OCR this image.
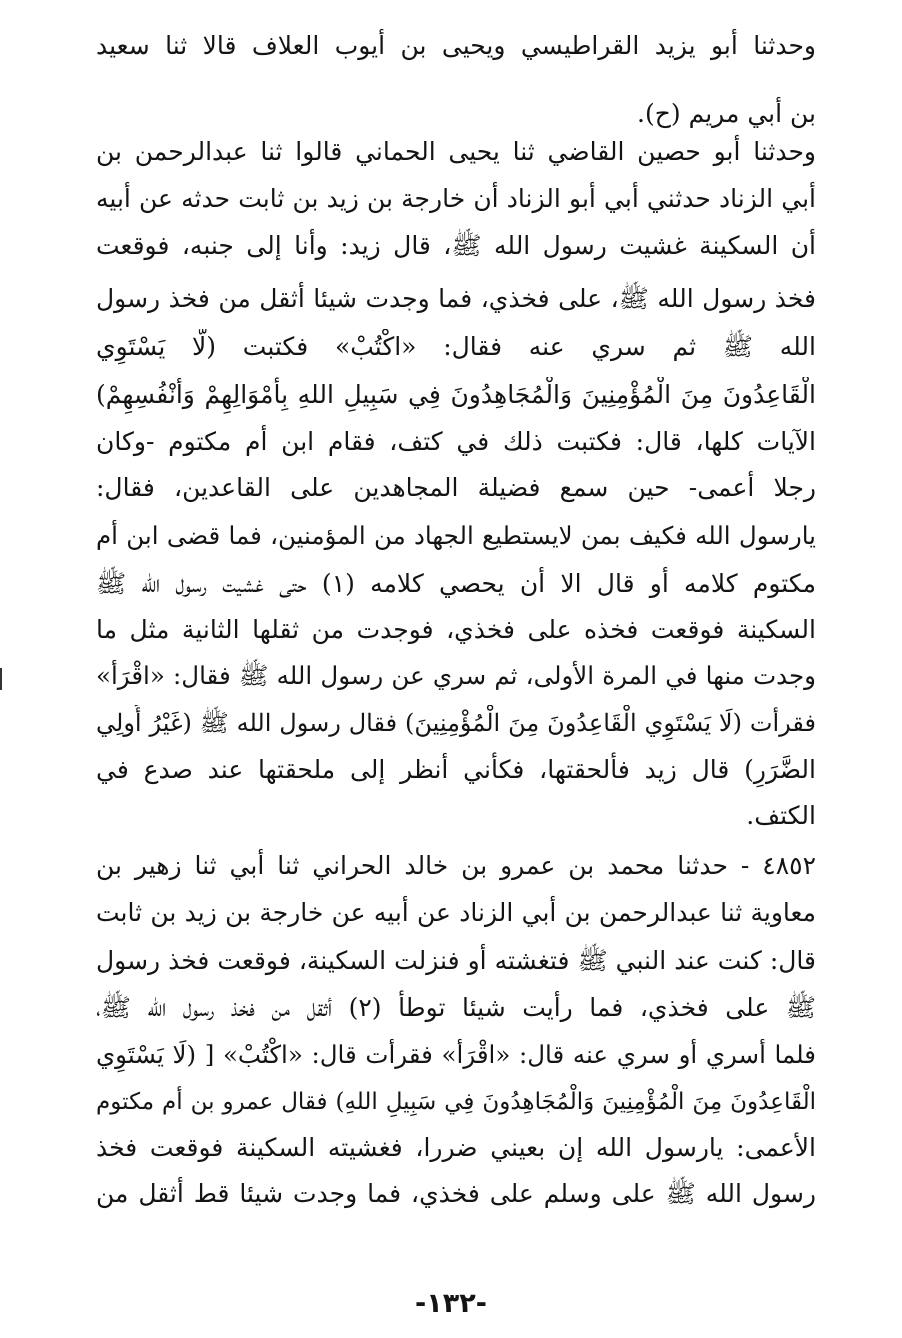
وحدثنا أبو يزيد القراطيسي ويحيى بن أيوب العلاف قالا ثنا سعيد
بن أبي مريم (ح).
وحدثنا أبو حصين القاضي ثنا يحيى الحماني قالوا ثنا عبدالرحمن بن
أبي الزناد حدثني أبي أبو الزناد أن خارجة بن زيد بن ثابت حدثه عن أبيه
أن السكينة غشيت رسول الله ﷺ، قال زيد: وأنا إلى جنبه، فوقعت
فخذ رسول الله ﷺ، على فخذي، فما وجدت شيئا أثقل من فخذ رسول
الله ﷺ ثم سري عنه فقال: «اكْتُبْ» فكتبت (لَّا يَسْتَوِي
الْقَاعِدُونَ مِنَ الْمُؤْمِنِينَ وَالْمُجَاهِدُونَ فِي سَبِيلِ اللهِ بِأَمْوَالِهِمْ وَأَنْفُسِهِمْ)
الآيات كلها، قال: فكتبت ذلك في كتف، فقام ابن أم مكتوم -وكان
رجلا أعمى- حين سمع فضيلة المجاهدين على القاعدين، فقال:
يارسول الله فكيف بمن لايستطيع الجهاد من المؤمنين، فما قضى ابن أم
مكتوم كلامه أو قال الا أن يحصي كلامه (١) حتى غشيت رسول الله ﷺ
السكينة فوقعت فخذه على فخذي، فوجدت من ثقلها الثانية مثل ما
وجدت منها في المرة الأولى، ثم سري عن رسول الله ﷺ فقال: «اقْرَأْ»
فقرأت (لَا يَسْتَوِي الْقَاعِدُونَ مِنَ الْمُؤْمِنِينَ) فقال رسول الله ﷺ (غَيْرُ أُولِي
الضَّرَرِ) قال زيد فألحقتها، فكأني أنظر إلى ملحقتها عند صدع في
الكتف.
٤٨٥٢ - حدثنا محمد بن عمرو بن خالد الحراني ثنا أبي ثنا زهير بن
معاوية ثنا عبدالرحمن بن أبي الزناد عن أبيه عن خارجة بن زيد بن ثابت
قال: كنت عند النبي ﷺ فتغشته أو فنزلت السكينة، فوقعت فخذ رسول
ﷺ على فخذي، فما رأيت شيئا توطأ (٢) أثقل من فخذ رسول الله ﷺ،
فلما أسري أو سري عنه قال: «اقْرَأْ» فقرأت قال: «اكْتُبْ» [ (لَا يَسْتَوِي
الْقَاعِدُونَ مِنَ الْمُؤْمِنِينَ وَالْمُجَاهِدُونَ فِي سَبِيلِ اللهِ) فقال عمرو بن أم مكتوم
الأعمى: يارسول الله إن بعيني ضررا، فغشيته السكينة فوقعت فخذ
رسول الله ﷺ على وسلم على فخذي، فما وجدت شيئا قط أثقل من
-١٣٢-
